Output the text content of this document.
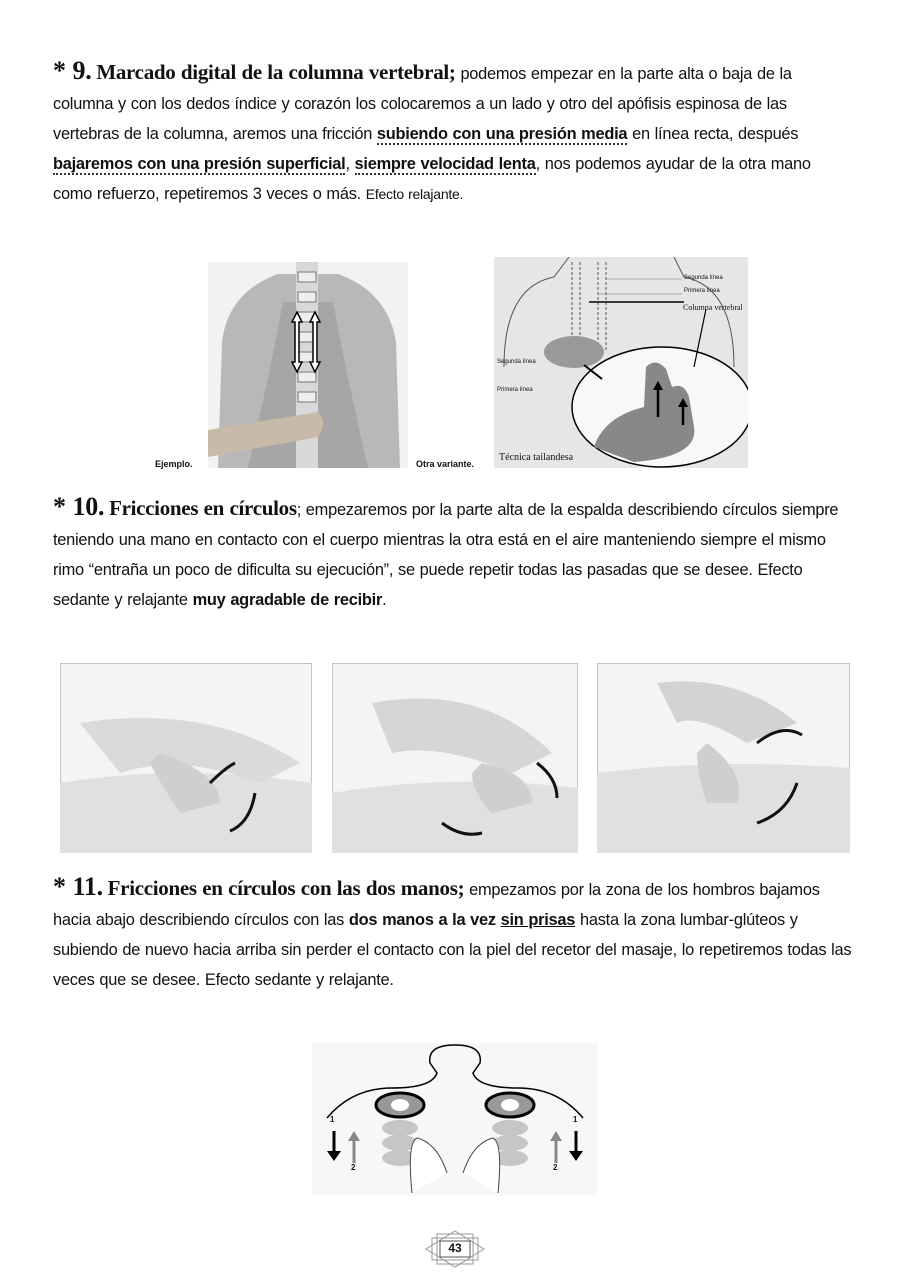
* 9. Marcado digital de la columna vertebral; podemos empezar en la parte alta o baja de la columna y con los dedos índice y corazón los colocaremos a un lado y otro del apófisis espinosa de las vertebras de la columna, aremos una fricción subiendo con una presión media en línea recta, después bajaremos con una presión superficial, siempre velocidad lenta, nos podemos ayudar de la otra mano como refuerzo, repetiremos 3 veces o más. Efecto relajante.
Ejemplo.	Otra variante.
Segunda línea
Primera línea
Columna vertebral
Segunda línea
Primera línea
Técnica tailandesa
* 10. Fricciones en círculos; empezaremos por la parte alta de la espalda describiendo círculos siempre teniendo una mano en contacto con el cuerpo mientras la otra está en el aire manteniendo siempre el mismo rimo “entraña un poco de dificulta su ejecución”, se puede repetir todas las pasadas que se desee. Efecto sedante y relajante muy agradable de recibir.
* 11. Fricciones en círculos con las dos manos; empezamos por la zona de los hombros bajamos hacia abajo describiendo círculos con las dos manos a la vez sin prisas hasta la zona lumbar-glúteos y subiendo de nuevo hacia arriba sin perder el contacto con la piel del recetor del masaje, lo repetiremos todas las veces que se desee. Efecto sedante y relajante.
1
2
1
2
43
